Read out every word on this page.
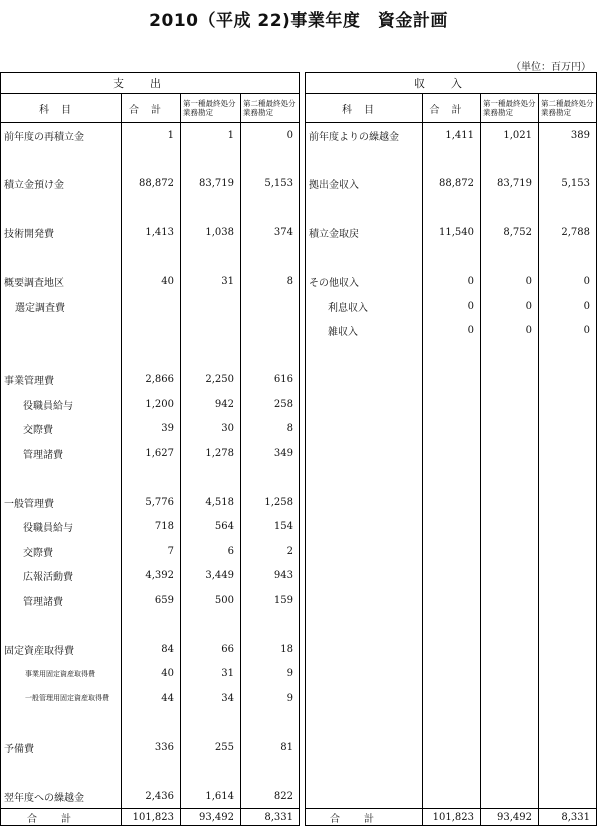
2010（平成 22)事業年度　資金計画
（単位：百万円）
支出			
科目	合計	第一種最終処分業務勘定	第二種最終処分業務勘定
前年度の再積立金	1	1	0

積立金預け金	88,872	83,719	5,153

技術開発費	1,413	1,038	374

概要調査地区	40	31	8
選定調査費			

事業管理費	2,866	2,250	616
役職員給与	1,200	942	258
交際費	39	30	8
管理諸費	1,627	1,278	349

一般管理費	5,776	4,518	1,258
役職員給与	718	564	154
交際費	7	6	2
広報活動費	4,392	3,449	943
管理諸費	659	500	159

固定資産取得費	84	66	18
事業用固定資産取得費	40	31	9
一般管理用固定資産取得費	44	34	9

予備費	336	255	81

翌年度への繰越金	2,436	1,614	822
合計	101,823	93,492	8,331
収入			
科目	合計	第一種最終処分業務勘定	第二種最終処分業務勘定
前年度よりの繰越金	1,411	1,021	389

拠出金収入	88,872	83,719	5,153

積立金取戻	11,540	8,752	2,788

その他収入	0	0	0
利息収入	0	0	0
雑収入	0	0	0

合計	101,823	93,492	8,331
